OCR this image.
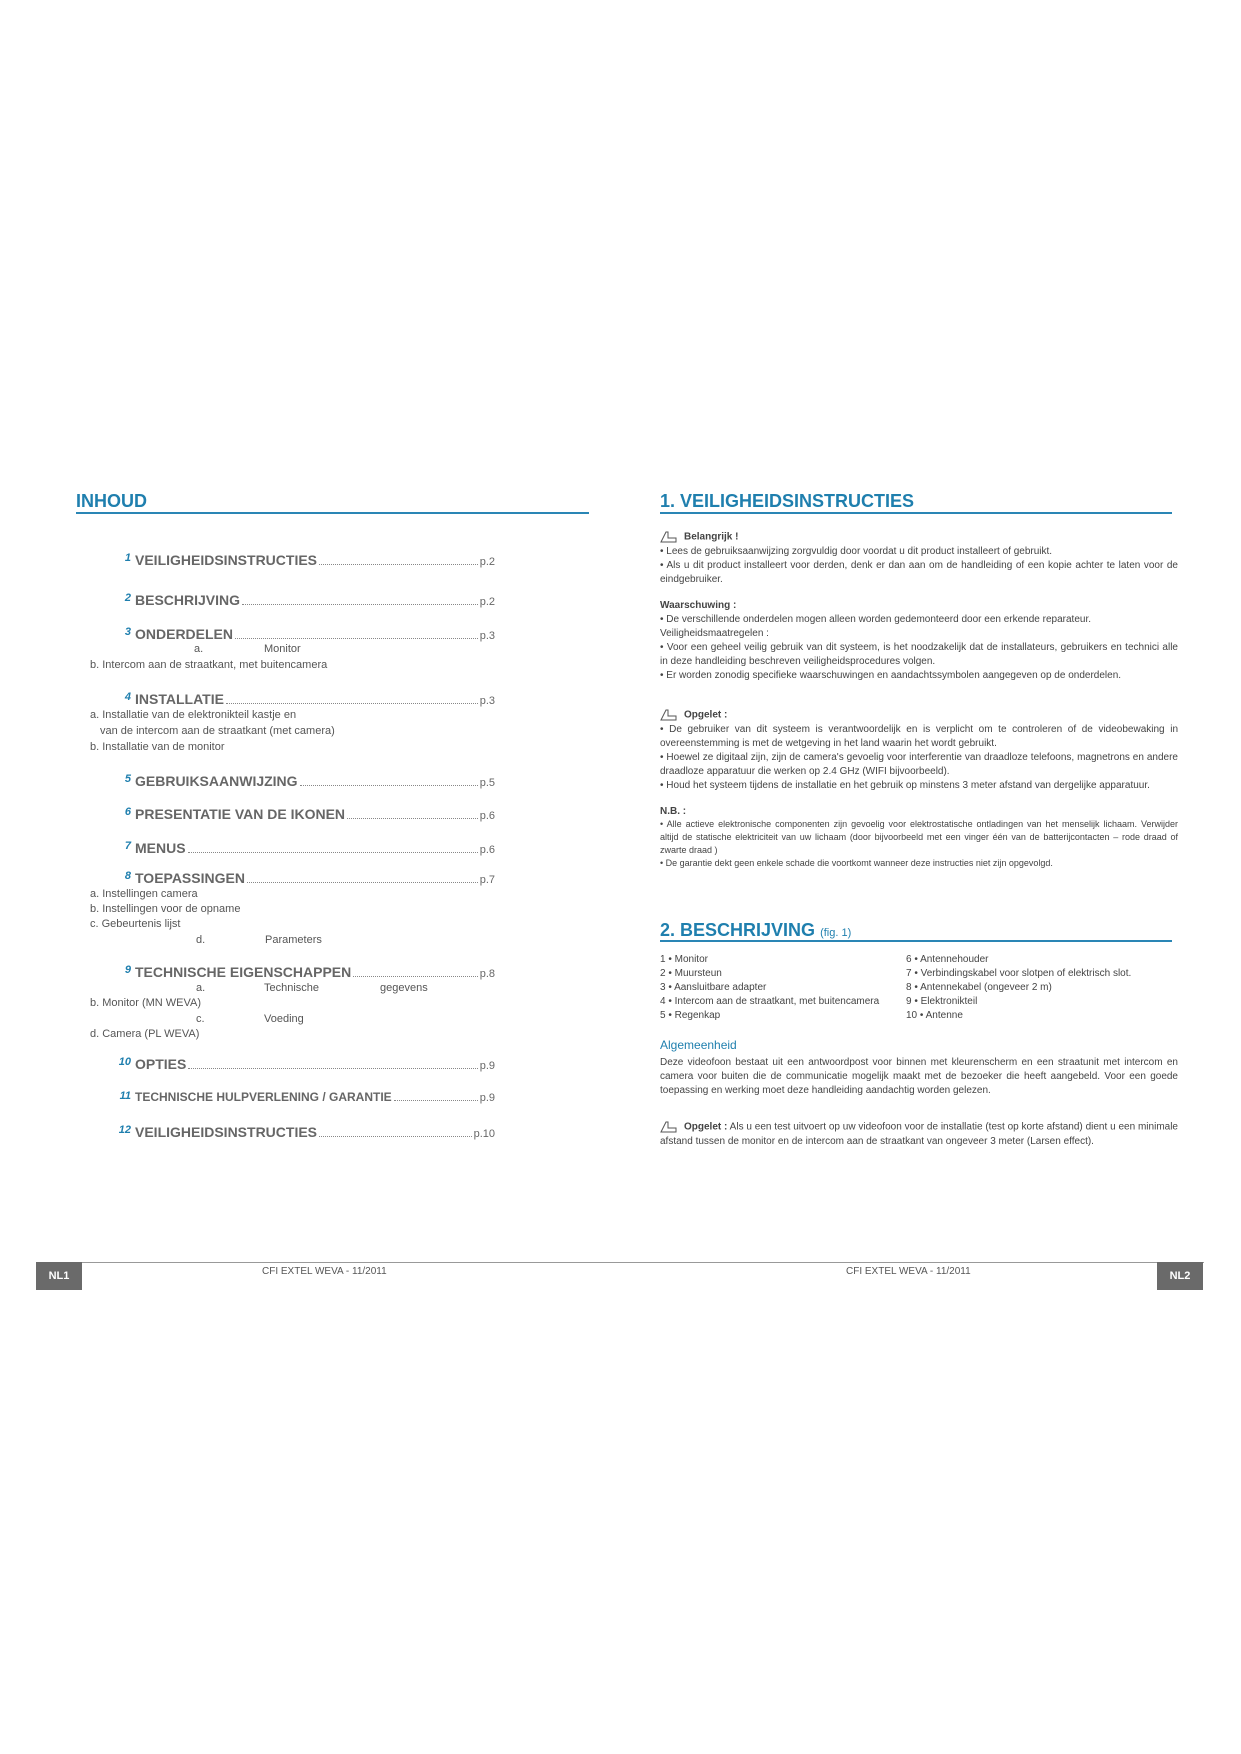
INHOUD
1 VEILIGHEIDSINSTRUCTIES	p.2
2 BESCHRIJVING	p.2
3 ONDERDELEN	p.3
a.	Monitor
b. Intercom aan de straatkant, met buitencamera
4 INSTALLATIE	p.3
a. Installatie van de elektronikteil kastje en
van de intercom aan de straatkant (met camera)
b. Installatie van de monitor
5 GEBRUIKSAANWIJZING	p.5
6 PRESENTATIE VAN DE IKONEN	p.6
7 MENUS	p.6
8 TOEPASSINGEN	p.7
a. Instellingen camera
b. Instellingen voor de opname
c. Gebeurtenis lijst
d.	Parameters
9 TECHNISCHE EIGENSCHAPPEN	p.8
a.	Technische	gegevens
b. Monitor (MN WEVA)
c.	Voeding
d. Camera (PL WEVA)
10 OPTIES	p.9
11 TECHNISCHE HULPVERLENING / GARANTIE	p.9
12 VEILIGHEIDSINSTRUCTIES	p.10
1. VEILIGHEIDSINSTRUCTIES
Belangrijk !
• Lees de gebruiksaanwijzing zorgvuldig door voordat u dit product installeert of gebruikt.
• Als u dit product installeert voor derden, denk er dan aan om de handleiding of een kopie achter te laten voor de eindgebruiker.
Waarschuwing :
• De verschillende onderdelen mogen alleen worden gedemonteerd door een erkende reparateur.
Veiligheidsmaatregelen :
• Voor een geheel veilig gebruik van dit systeem, is het noodzakelijk dat de installateurs, gebruikers en technici alle in deze handleiding beschreven veiligheidsprocedures volgen.
• Er worden zonodig specifieke waarschuwingen en aandachtssymbolen aangegeven op de onderdelen.
Opgelet :
• De gebruiker van dit systeem is verantwoordelijk en is verplicht om te controleren of de videobewaking in overeenstemming is met de wetgeving in het land waarin het wordt gebruikt.
• Hoewel ze digitaal zijn, zijn de camera's gevoelig voor interferentie van draadloze telefoons, magnetrons en andere draadloze apparatuur die werken op 2.4 GHz (WIFI bijvoorbeeld).
• Houd het systeem tijdens de installatie en het gebruik op minstens 3 meter afstand van dergelijke apparatuur.
N.B. :
• Alle actieve elektronische componenten zijn gevoelig voor elektrostatische ontladingen van het menselijk lichaam. Verwijder altijd de statische elektriciteit van uw lichaam (door bijvoorbeeld met een vinger één van de batterijcontacten – rode draad of zwarte draad )
• De garantie dekt geen enkele schade die voortkomt wanneer deze instructies niet zijn opgevolgd.
2. BESCHRIJVING (fig. 1)
1 • Monitor
2 • Muursteun
3 • Aansluitbare adapter
4 • Intercom aan de straatkant, met buitencamera
5 • Regenkap
6 • Antennehouder
7 • Verbindingskabel voor slotpen of elektrisch slot.
8 • Antennekabel (ongeveer 2 m)
9 • Elektronikteil
10 • Antenne
Algemeenheid
Deze videofoon bestaat uit een antwoordpost voor binnen met kleurenscherm en een straatunit met intercom en camera voor buiten die de communicatie mogelijk maakt met de bezoeker die heeft aangebeld. Voor een goede toepassing en werking moet deze handleiding aandachtig worden gelezen.
Opgelet : Als u een test uitvoert op uw videofoon voor de installatie (test op korte afstand) dient u een minimale afstand tussen de monitor en de intercom aan de straatkant van ongeveer 3 meter (Larsen effect).
NL1	NL2
CFI EXTEL WEVA - 11/2011	CFI EXTEL WEVA - 11/2011
